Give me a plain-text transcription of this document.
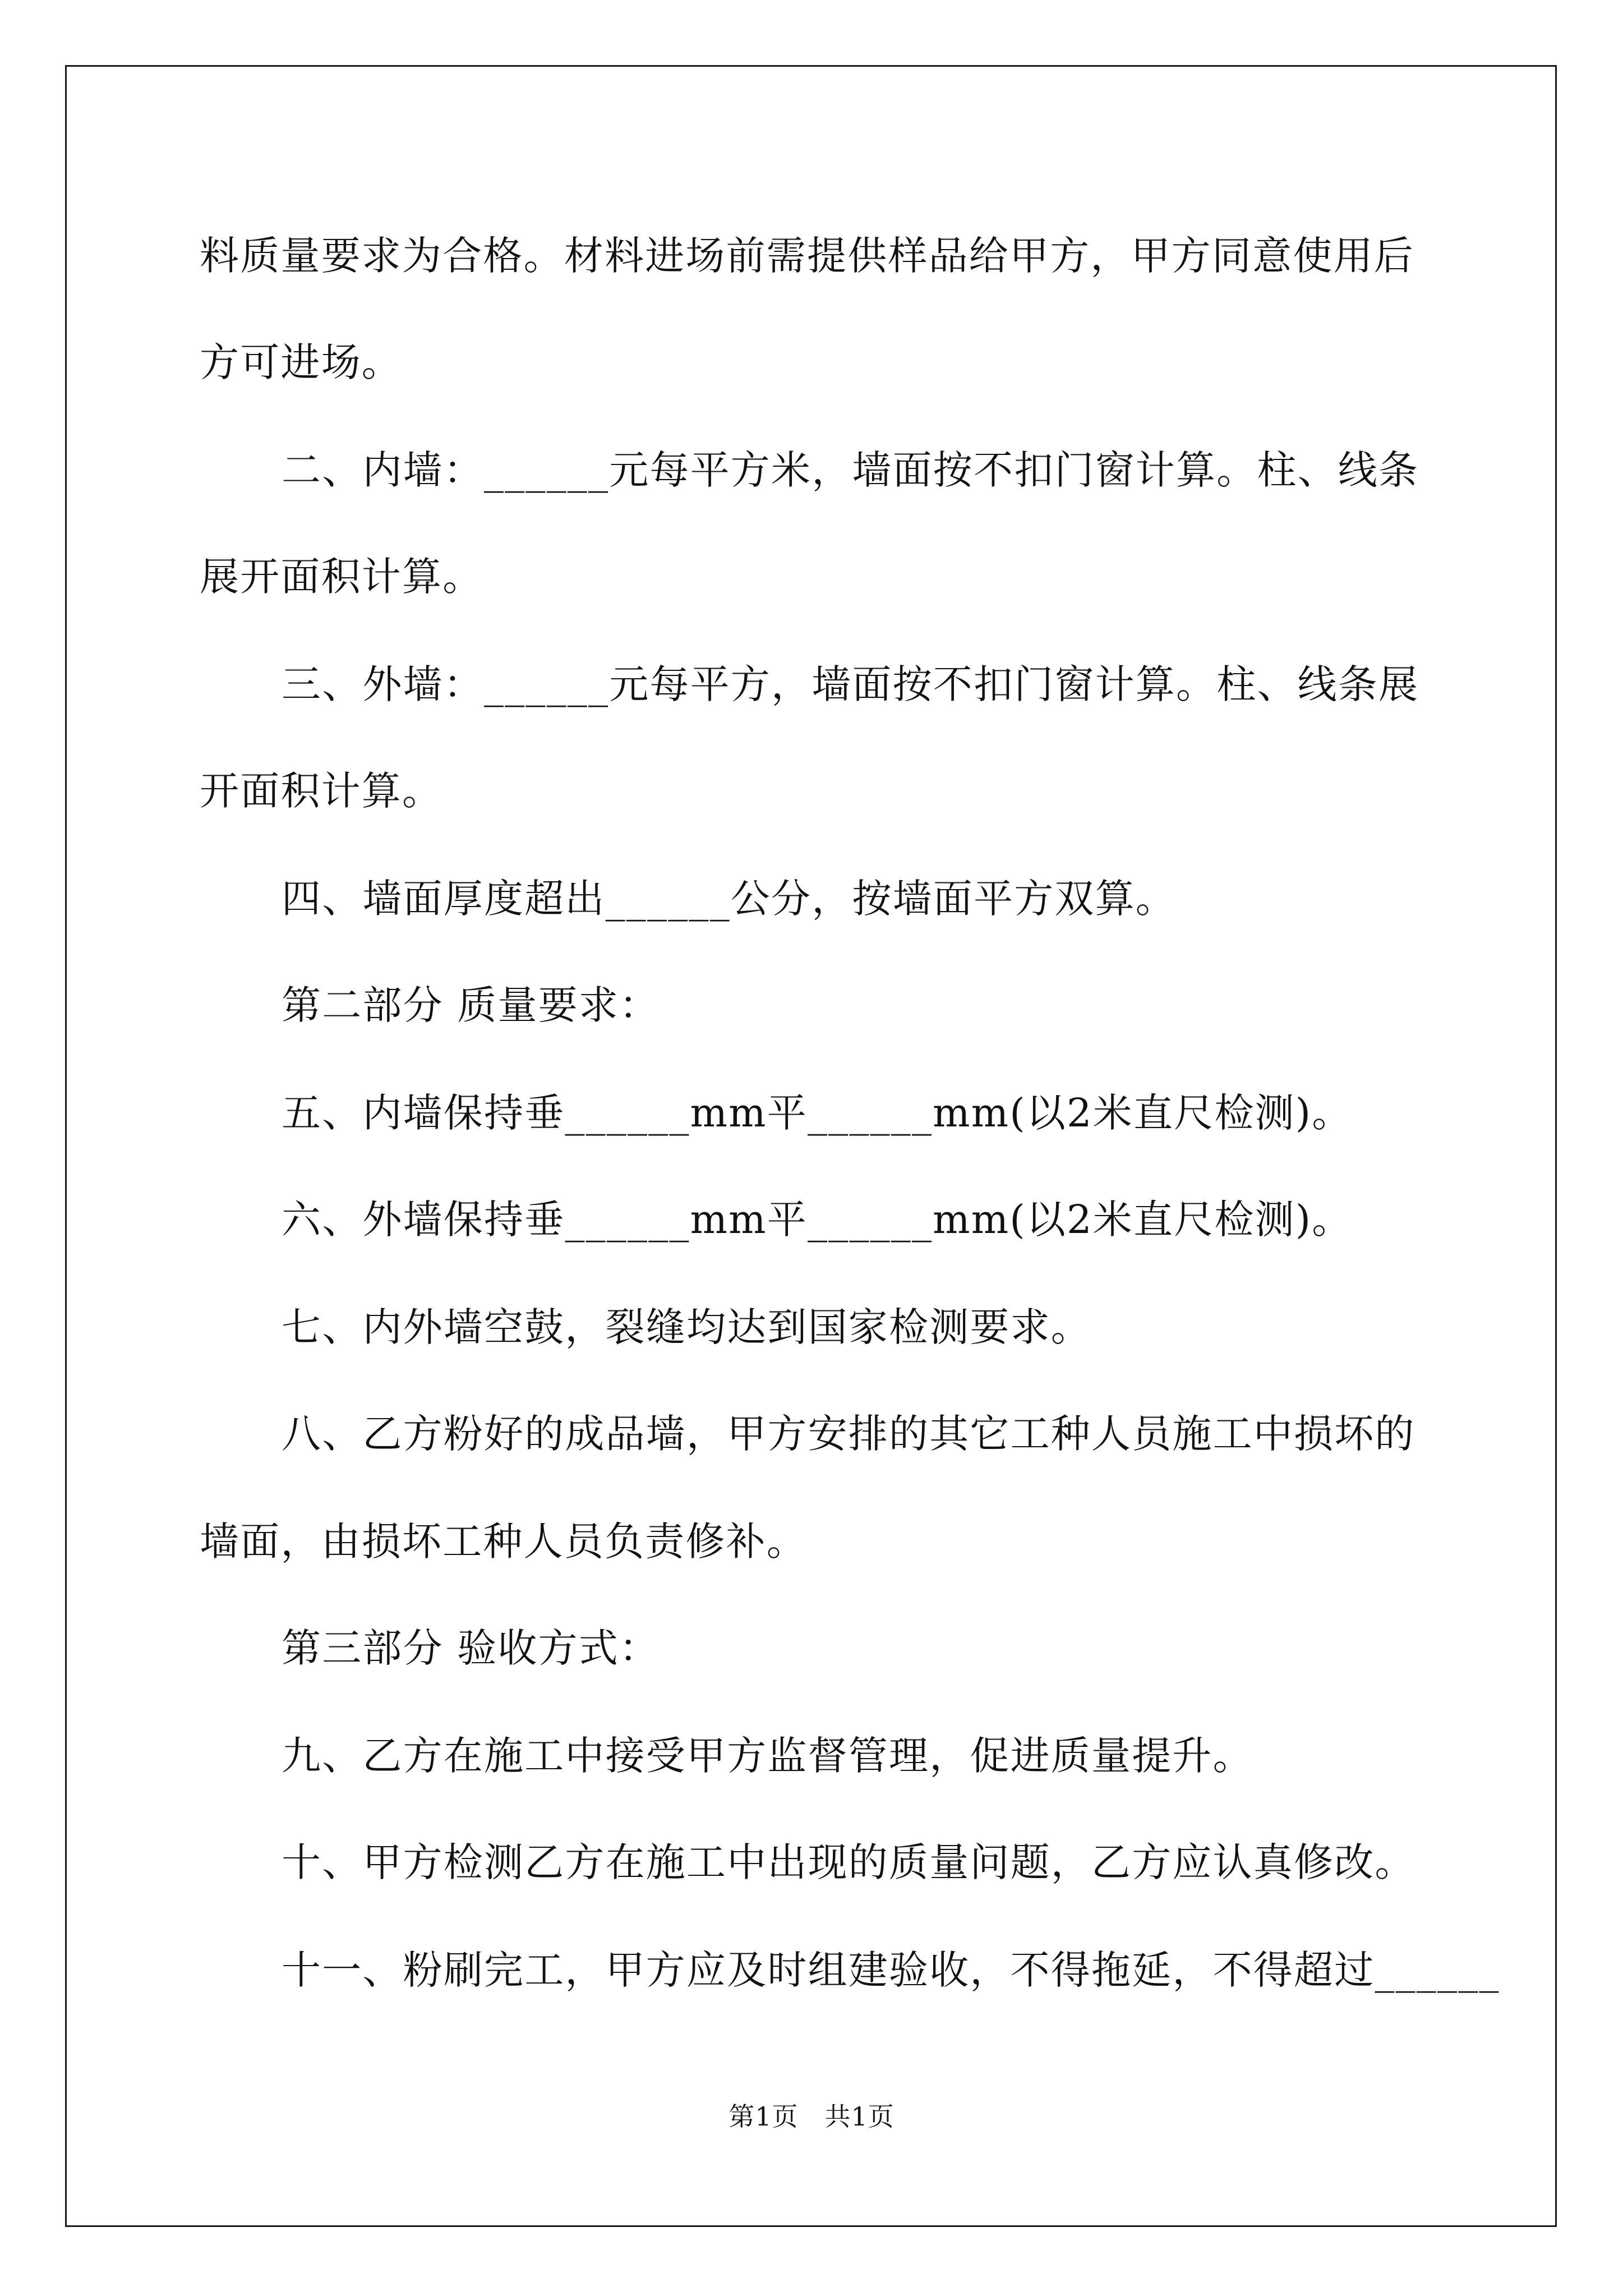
料质量要求为合格。材料进场前需提供样品给甲方，甲方同意使用后

方可进场。

二、内墙：______元每平方米，墙面按不扣门窗计算。柱、线条

展开面积计算。

三、外墙：______元每平方，墙面按不扣门窗计算。柱、线条展

开面积计算。

四、墙面厚度超出______公分，按墙面平方双算。

第二部分 质量要求：

五、内墙保持垂______mm平______mm(以2米直尺检测)。

六、外墙保持垂______mm平______mm(以2米直尺检测)。

七、内外墙空鼓，裂缝均达到国家检测要求。

八、乙方粉好的成品墙，甲方安排的其它工种人员施工中损坏的

墙面，由损坏工种人员负责修补。

第三部分 验收方式：

九、乙方在施工中接受甲方监督管理，促进质量提升。

十、甲方检测乙方在施工中出现的质量问题，乙方应认真修改。

十一、粉刷完工，甲方应及时组建验收，不得拖延，不得超过______

第1页　共1页
